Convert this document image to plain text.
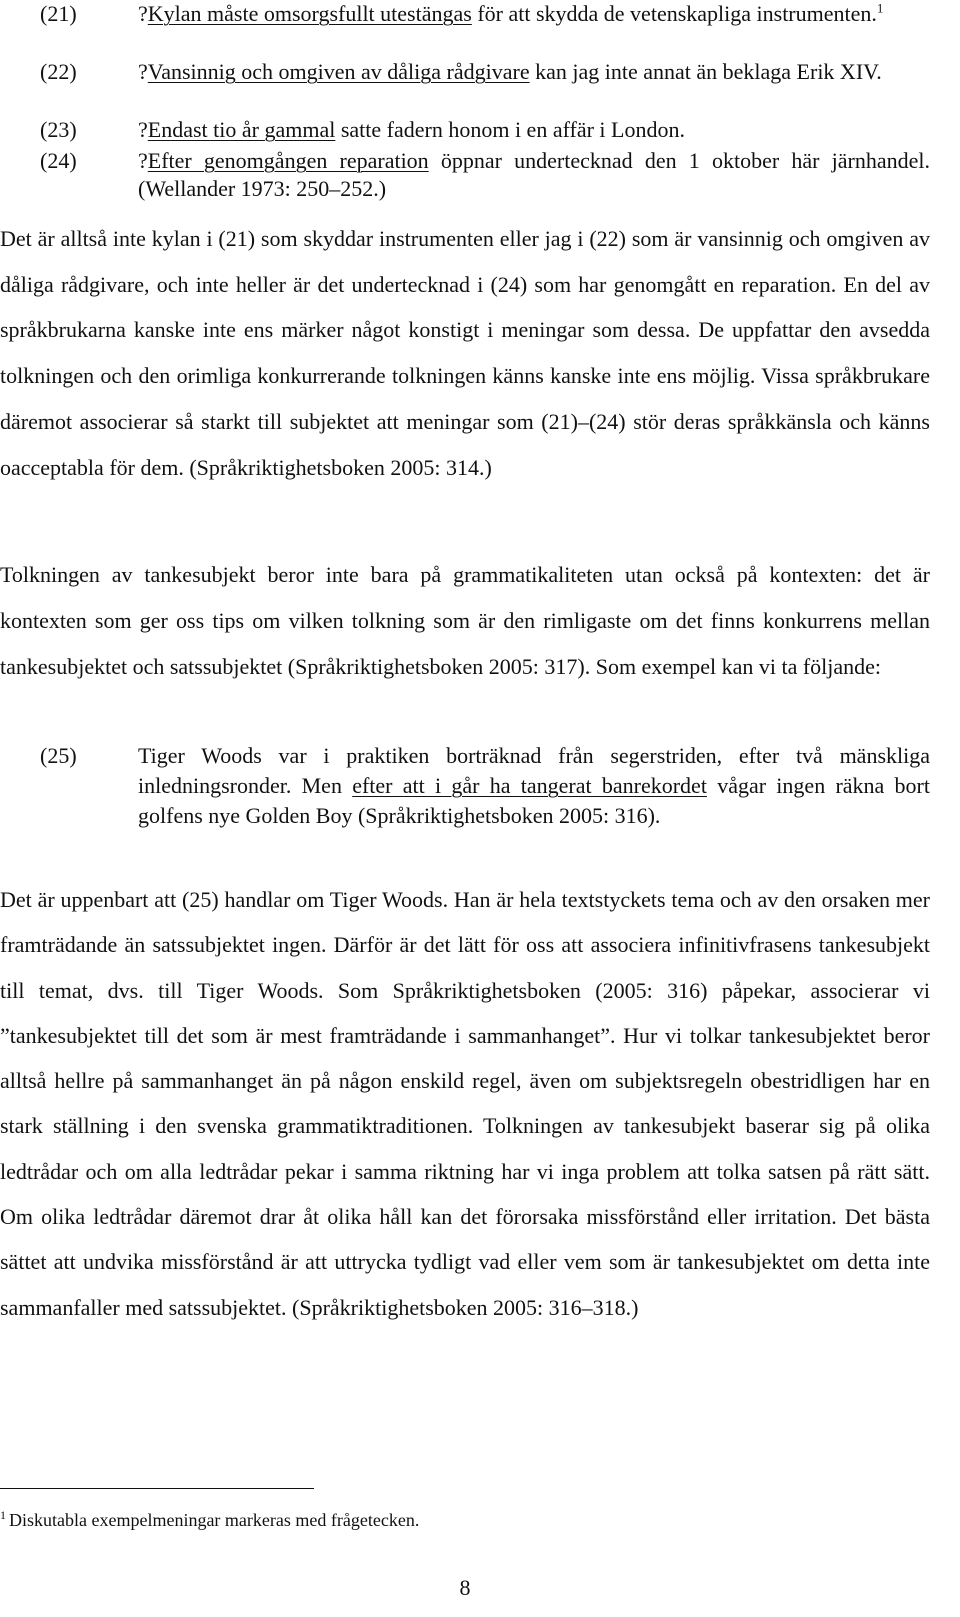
(21)	?Kylan måste omsorgsfullt utestängas för att skydda de vetenskapliga instrumenten.$^1$
(22)	?Vansinnig och omgiven av dåliga rådgivare kan jag inte annat än beklaga Erik XIV.
(23)	?Endast tio år gammal satte fadern honom i en affär i London.
(24)	?Efter genomgången reparation öppnar undertecknad den 1 oktober här järnhandel. (Wellander 1973: 250–252.)

Det är alltså inte kylan i (21) som skyddar instrumenten eller jag i (22) som är vansinnig och omgiven av dåliga rådgivare, och inte heller är det undertecknad i (24) som har genomgått en reparation. En del av språkbrukarna kanske inte ens märker något konstigt i meningar som dessa. De uppfattar den avsedda tolkningen och den orimliga konkurrerande tolkningen känns kanske inte ens möjlig. Vissa språkbrukare däremot associerar så starkt till subjektet att meningar som (21)–(24) stör deras språkkänsla och känns oacceptabla för dem. (Språkriktighetsboken 2005: 314.)

Tolkningen av tankesubjekt beror inte bara på grammatikaliteten utan också på kontexten: det är kontexten som ger oss tips om vilken tolkning som är den rimligaste om det finns konkurrens mellan tankesubjektet och satssubjektet (Språkriktighetsboken 2005: 317). Som exempel kan vi ta följande:

(25)	Tiger Woods var i praktiken borträknad från segerstriden, efter två mänskliga inledningsronder. Men efter att i går ha tangerat banrekordet vågar ingen räkna bort golfens nye Golden Boy (Språkriktighetsboken 2005: 316).

Det är uppenbart att (25) handlar om Tiger Woods. Han är hela textstyckets tema och av den orsaken mer framträdande än satssubjektet ingen. Därför är det lätt för oss att associera infinitivfrasens tankesubjekt till temat, dvs. till Tiger Woods. Som Språkriktighetsboken (2005: 316) påpekar, associerar vi ”tankesubjektet till det som är mest framträdande i sammanhanget”. Hur vi tolkar tankesubjektet beror alltså hellre på sammanhanget än på någon enskild regel, även om subjektsregeln obestridligen har en stark ställning i den svenska grammatiktraditionen. Tolkningen av tankesubjekt baserar sig på olika ledtrådar och om alla ledtrådar pekar i samma riktning har vi inga problem att tolka satsen på rätt sätt. Om olika ledtrådar däremot drar åt olika håll kan det förorsaka missförstånd eller irritation. Det bästa sättet att undvika missförstånd är att uttrycka tydligt vad eller vem som är tankesubjektet om detta inte sammanfaller med satssubjektet. (Språkriktighetsboken 2005: 316–318.)

$^1$ Diskutabla exempelmeningar markeras med frågetecken.
8
